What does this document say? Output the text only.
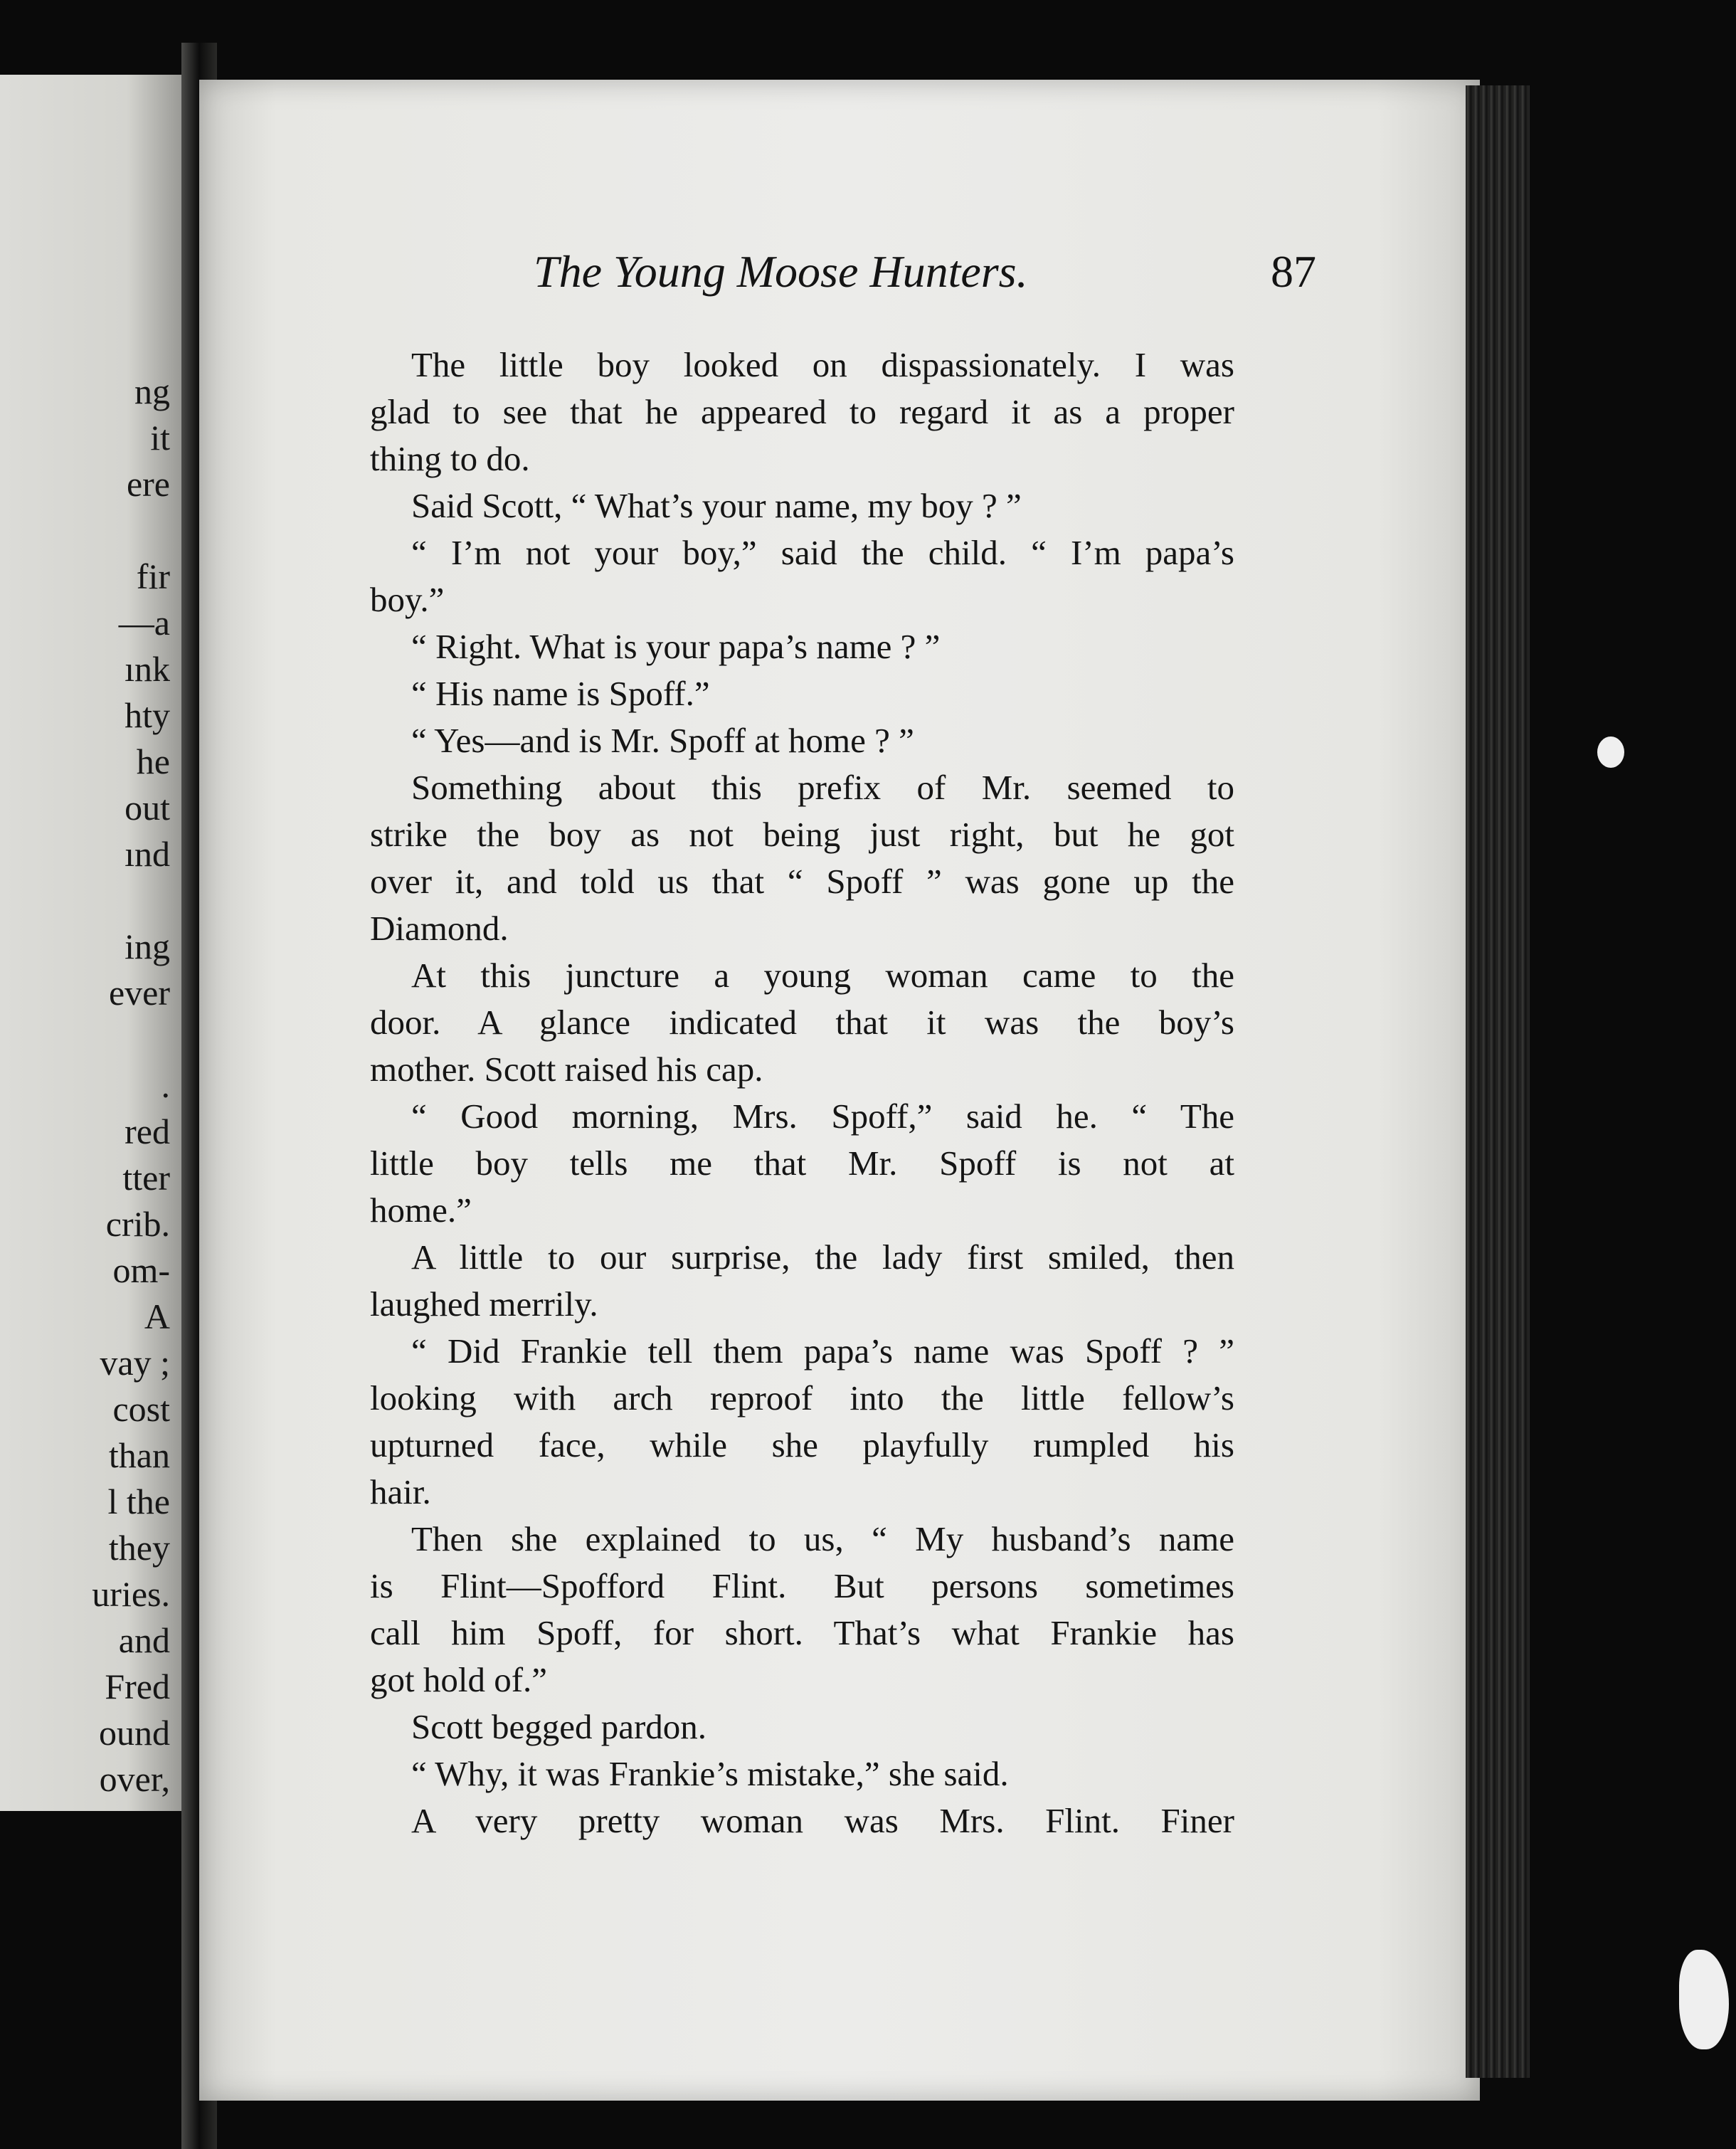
ng
it
ere
fir
—a
ınk
hty
he
out
ınd
ing
ever
.
red
tter
crib.
om-
A
vay ;
cost
than
l the
they
uries.
and
Fred
ound
over,
The Young Moose Hunters.	87
The little boy looked on dispassionately. I was
glad to see that he appeared to regard it as a proper
thing to do.
Said Scott, “ What’s your name, my boy ? ”
“ I’m not your boy,” said the child. “ I’m papa’s
boy.”
“ Right. What is your papa’s name ? ”
“ His name is Spoff.”
“ Yes—and is Mr. Spoff at home ? ”
Something about this prefix of Mr. seemed to
strike the boy as not being just right, but he got
over it, and told us that “ Spoff ” was gone up the
Diamond.
At this juncture a young woman came to the
door. A glance indicated that it was the boy’s
mother. Scott raised his cap.
“ Good morning, Mrs. Spoff,” said he. “ The
little boy tells me that Mr. Spoff is not at
home.”
A little to our surprise, the lady first smiled, then
laughed merrily.
“ Did Frankie tell them papa’s name was Spoff ? ”
looking with arch reproof into the little fellow’s
upturned face, while she playfully rumpled his
hair.
Then she explained to us, “ My husband’s name
is Flint—Spofford Flint. But persons sometimes
call him Spoff, for short. That’s what Frankie has
got hold of.”
Scott begged pardon.
“ Why, it was Frankie’s mistake,” she said.
A very pretty woman was Mrs. Flint. Finer
